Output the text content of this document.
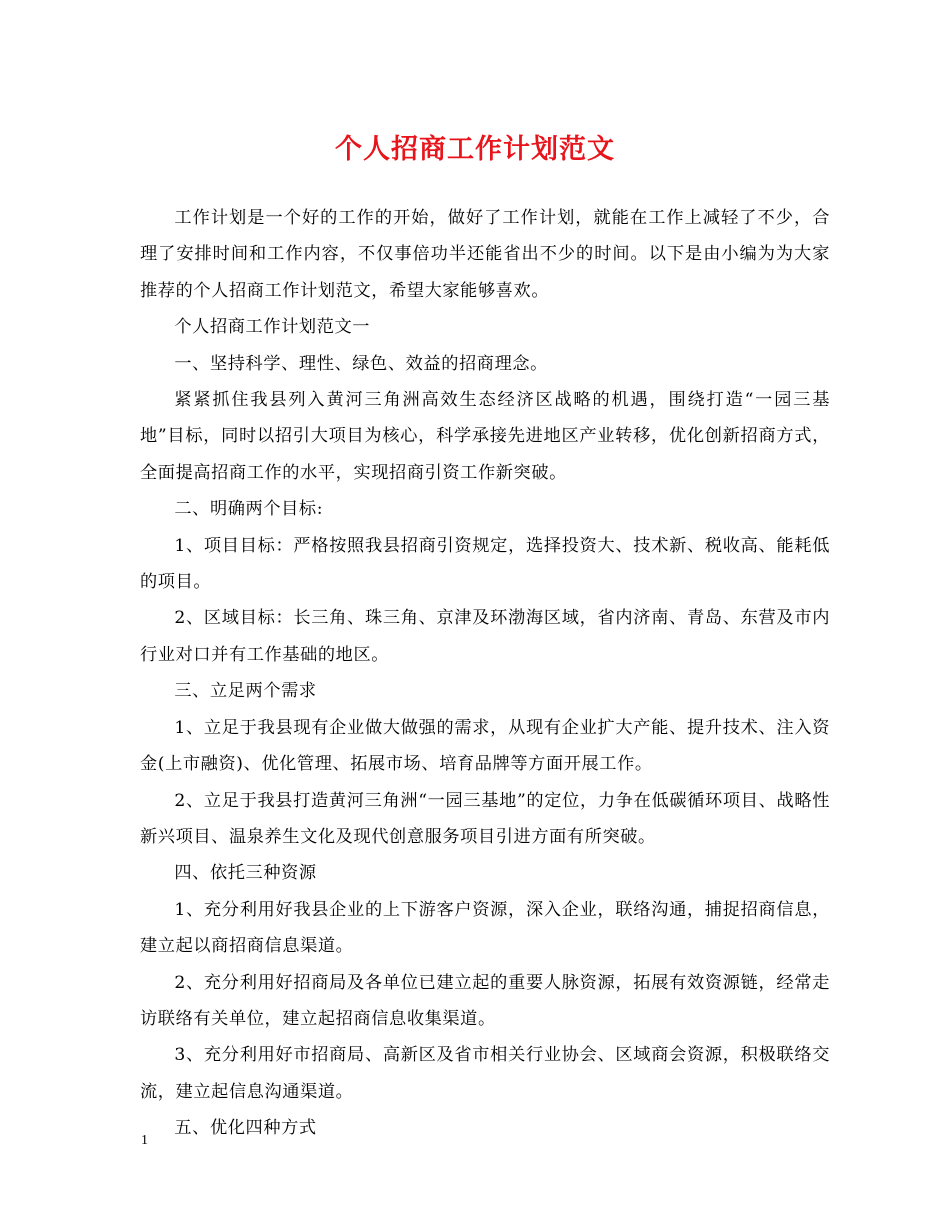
个人招商工作计划范文

工作计划是一个好的工作的开始，做好了工作计划，就能在工作上减轻了不少，合理了安排时间和工作内容，不仅事倍功半还能省出不少的时间。以下是由小编为为大家推荐的个人招商工作计划范文，希望大家能够喜欢。

个人招商工作计划范文一

一、坚持科学、理性、绿色、效益的招商理念。

紧紧抓住我县列入黄河三角洲高效生态经济区战略的机遇，围绕打造“一园三基地”目标，同时以招引大项目为核心，科学承接先进地区产业转移，优化创新招商方式，全面提高招商工作的水平，实现招商引资工作新突破。

二、明确两个目标:

1、项目目标：严格按照我县招商引资规定，选择投资大、技术新、税收高、能耗低的项目。

2、区域目标：长三角、珠三角、京津及环渤海区域，省内济南、青岛、东营及市内行业对口并有工作基础的地区。

三、立足两个需求

1、立足于我县现有企业做大做强的需求，从现有企业扩大产能、提升技术、注入资金(上市融资)、优化管理、拓展市场、培育品牌等方面开展工作。

2、立足于我县打造黄河三角洲“一园三基地”的定位，力争在低碳循环项目、战略性新兴项目、温泉养生文化及现代创意服务项目引进方面有所突破。

四、依托三种资源

1、充分利用好我县企业的上下游客户资源，深入企业，联络沟通，捕捉招商信息，建立起以商招商信息渠道。

2、充分利用好招商局及各单位已建立起的重要人脉资源，拓展有效资源链，经常走访联络有关单位，建立起招商信息收集渠道。

3、充分利用好市招商局、高新区及省市相关行业协会、区域商会资源，积极联络交流，建立起信息沟通渠道。

五、优化四种方式

1
